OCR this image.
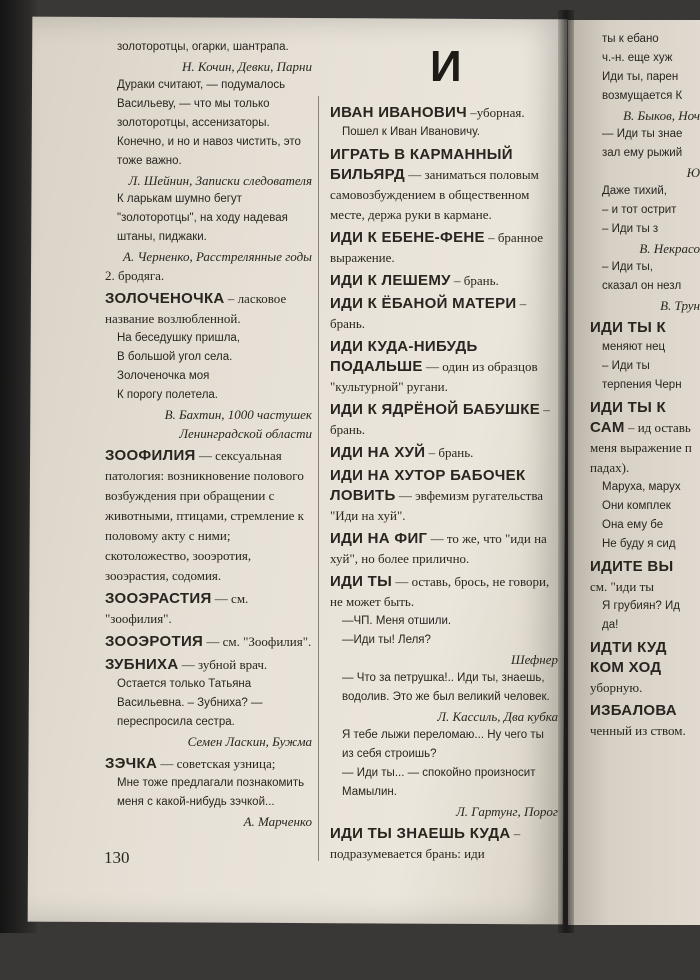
И

золоторотцы, огарки, шантрапа.

Н. Кочин, Девки, Парни

Дураки считают, — подумалось Васильеву, — что мы только золоторотцы, ассенизаторы. Конечно, и но и навоз чистить, это тоже важно.

Л. Шейнин, Записки следователя

К ларькам шумно бегут "золоторотцы", на ходу надевая штаны, пиджаки.

А. Черненко, Расстрелянные годы

2. бродяга.

ЗОЛОЧЕНОЧКА – ласковое название возлюбленной.

На беседушку пришла,

В большой угол села.

Золоченочка моя

К порогу полетела.

В. Бахтин, 1000 частушек Ленинградской области

ЗООФИЛИЯ — сексуальная патология: возникновение полового возбуждения при обращении с животными, птицами, стремление к половому акту с ними; скотоложество, зооэротия, зооэрастия, содомия.

ЗООЭРАСТИЯ — см. "зоофилия".

ЗООЭРОТИЯ — см. "Зоофилия".

ЗУБНИХА — зубной врач.

Остается только Татьяна Васильевна. – Зубниха? — переспросила сестра.

Семен Ласкин, Бужма

ЗЭЧКА — советская узница;

Мне тоже предлагали познакомить меня с какой-нибудь зэчкой...

А. Марченко

ИВАН ИВАНОВИЧ –уборная.

Пошел к Иван Ивановичу.

ИГРАТЬ В КАРМАННЫЙ БИЛЬЯРД — заниматься половым самовозбуждением в общественном месте, держа руки в кармане.

ИДИ К ЕБЕНЕ-ФЕНЕ – бранное выражение.

ИДИ К ЛЕШЕМУ – брань.

ИДИ К ЁБАНОЙ МАТЕРИ – брань.

ИДИ КУДА-НИБУДЬ ПОДАЛЬШЕ — один из образцов "культурной" ругани.

ИДИ К ЯДРЁНОЙ БАБУШКЕ – брань.

ИДИ НА ХУЙ – брань.

ИДИ НА ХУТОР БАБОЧЕК ЛОВИТЬ — эвфемизм ругательства "Иди на хуй".

ИДИ НА ФИГ — то же, что "иди на хуй", но более прилично.

ИДИ ТЫ — оставь, брось, не говори, не может быть.

—ЧП. Меня отшили.

—Иди ты! Леля?

Шефнер

— Что за петрушка!.. Иди ты, знаешь, водолив. Это же был великий человек.

Л. Кассиль, Два кубка

Я тебе лыжи переломаю... Ну чего ты из себя строишь?

— Иди ты... — спокойно произносит Мамылин.

Л. Гартунг, Порог

ИДИ ТЫ ЗНАЕШЬ КУДА – подразумевается брань: иди

ты к ебано

ч.-н. еще хуж

Иди ты, парен

возмущается К

В. Быков, Ноч

— Иди ты знае

зал ему рыжий

Ю

Даже тихий,

– и тот острит

– Иди ты з

В. Некрасо

– Иди ты,

сказал он незл

В. Трун

ИДИ ТЫ К

меняют нец

– Иди ты

терпения Черн

ИДИ ТЫ К САМ – ид оставь меня выражение п падах).

Маруха, марух

Они комплек

Она ему бе

Не буду я сид

ИДИТЕ ВЫ

см. "иди ты

Я грубиян? Ид

да!

ИДТИ КУД КОМ ХОД уборную.

ИЗБАЛОВА ченный из ством.

130
